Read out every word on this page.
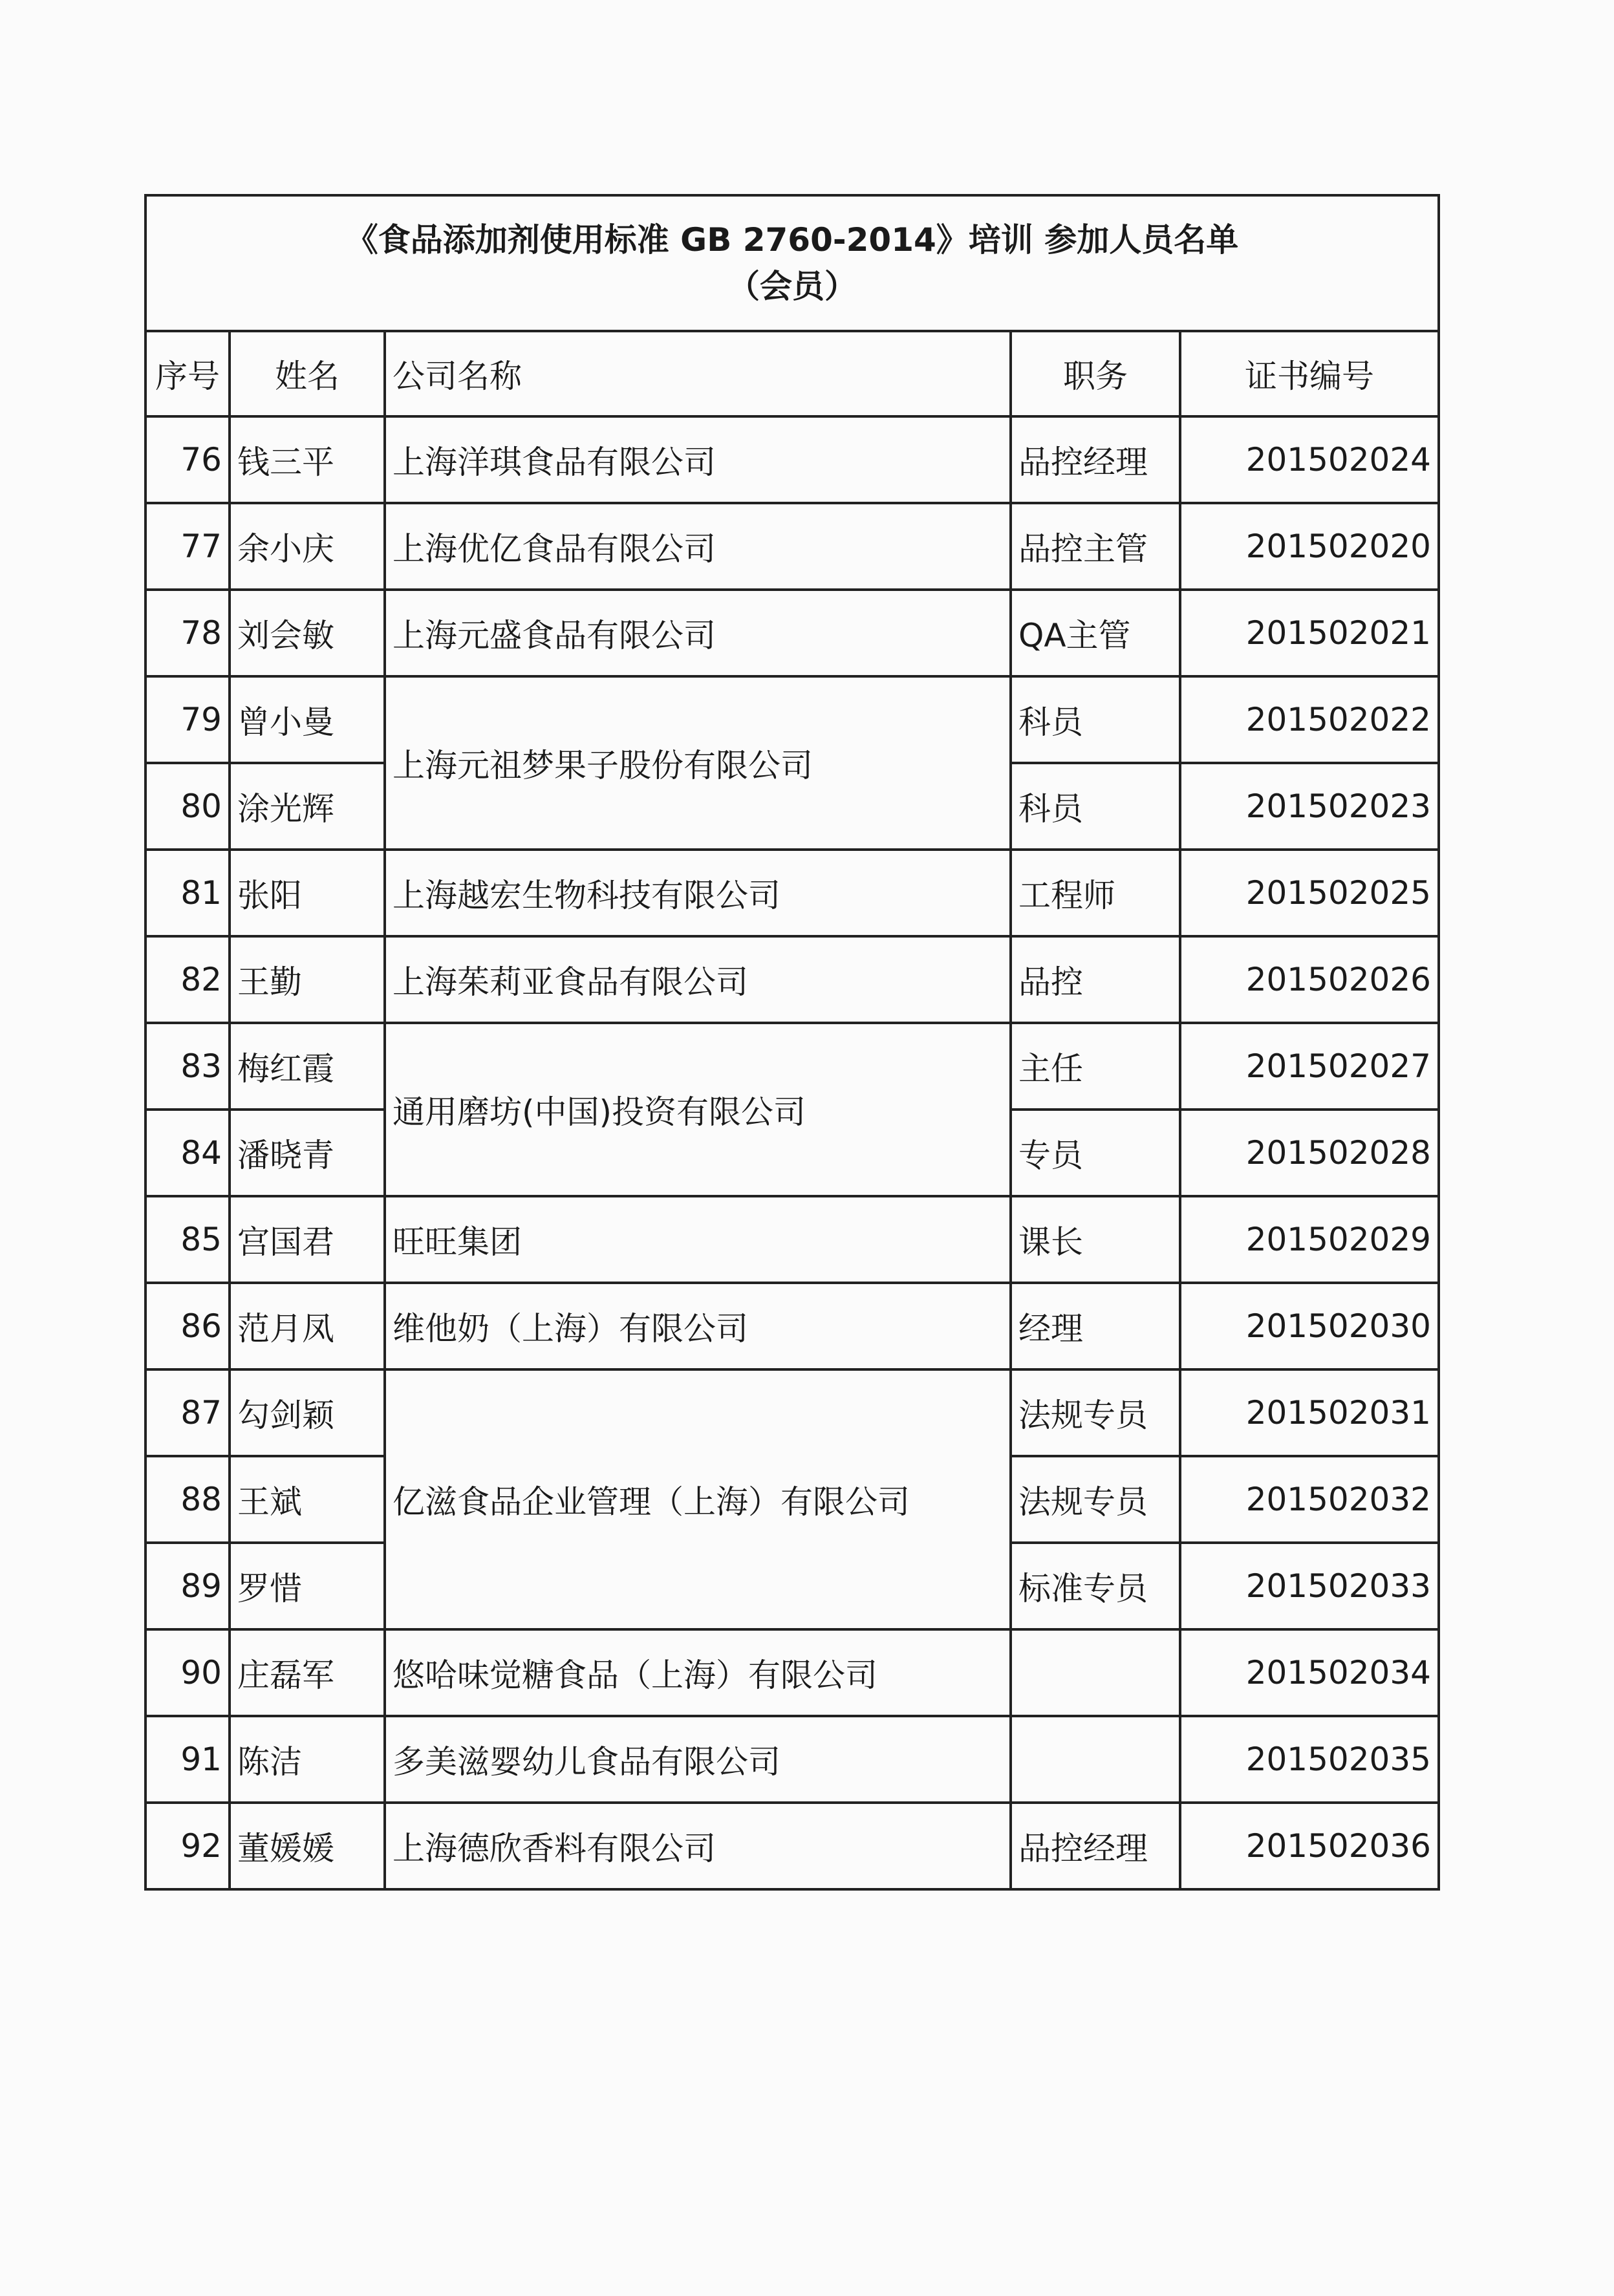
《食品添加剂使用标准 GB 2760-2014》培训 参加人员名单
（会员）				

序号	姓名	公司名称	职务	证书编号
76	钱三平	上海洋琪食品有限公司	品控经理	201502024
77	余小庆	上海优亿食品有限公司	品控主管	201502020
78	刘会敏	上海元盛食品有限公司	QA主管	201502021
79	曾小曼	上海元祖梦果子股份有限公司	科员	201502022
80	涂光辉		科员	201502023
81	张阳	上海越宏生物科技有限公司	工程师	201502025
82	王勤	上海茱莉亚食品有限公司	品控	201502026
83	梅红霞	通用磨坊(中国)投资有限公司	主任	201502027
84	潘晓青		专员	201502028
85	宫国君	旺旺集团	课长	201502029
86	范月凤	维他奶（上海）有限公司	经理	201502030
87	勾剑颖	亿滋食品企业管理（上海）有限公司	法规专员	201502031
88	王斌		法规专员	201502032
89	罗惜		标准专员	201502033
90	庄磊军	悠哈味觉糖食品（上海）有限公司		201502034
91	陈洁	多美滋婴幼儿食品有限公司		201502035
92	董媛媛	上海德欣香料有限公司	品控经理	201502036
